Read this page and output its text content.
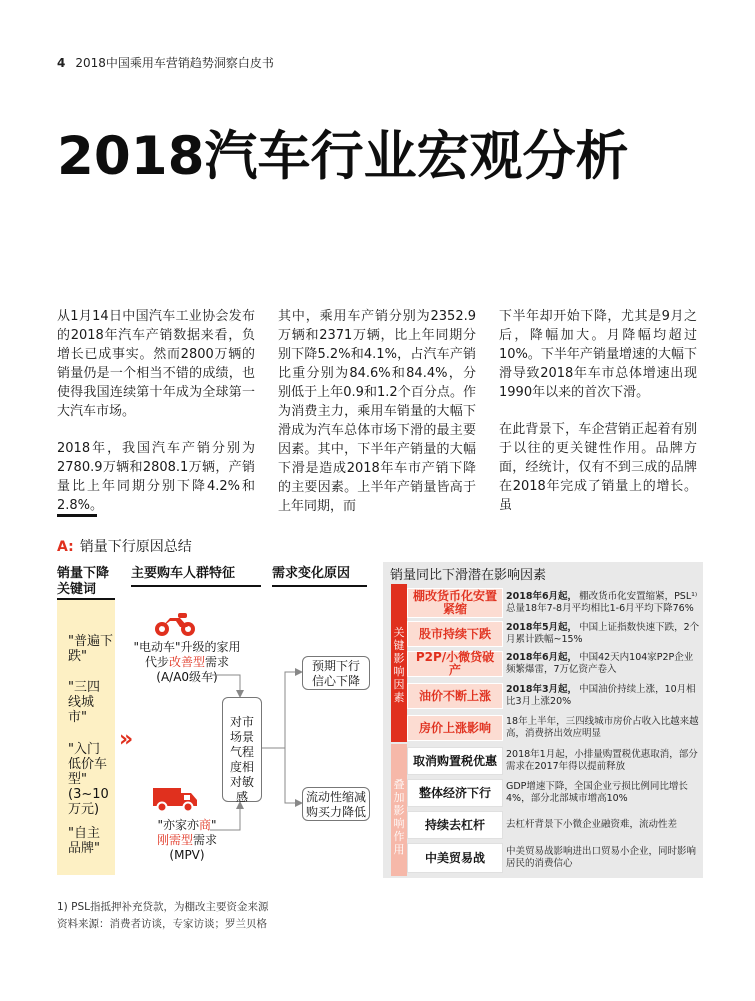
4 2018中国乘用车营销趋势洞察白皮书
2018汽车行业宏观分析

从1月14日中国汽车工业协会发布的2018年汽车产销数据来看，负增长已成事实。然而2800万辆的销量仍是一个相当不错的成绩，也使得我国连续第十年成为全球第一大汽车市场。

2018年，我国汽车产销分别为2780.9万辆和2808.1万辆，产销量比上年同期分别下降4.2%和2.8%。

其中，乘用车产销分别为2352.9万辆和2371万辆，比上年同期分别下降5.2%和4.1%，占汽车产销比重分别为84.6%和84.4%，分别低于上年0.9和1.2个百分点。作为消费主力，乘用车销量的大幅下滑成为汽车总体市场下滑的最主要因素。其中，下半年产销量的大幅下滑是造成2018年车市产销下降的主要因素。上半年产销量皆高于上年同期，而

下半年却开始下降，尤其是9月之后，降幅加大。月降幅均超过10%。下半年产销量增速的大幅下滑导致2018年车市总体增速出现1990年以来的首次下滑。

在此背景下，车企营销正起着有别于以往的更关键性作用。品牌方面，经统计，仅有不到三成的品牌在2018年完成了销量上的增长。虽

A: 销量下行原因总结
销量下降关键词
主要购车人群特征	需求变化原因
"普遍下跌"
"三四线城市"
"入门低价车型"(3~10万元)
"自主品牌"
»
"电动车"升级的家用代步改善型需求
(A/A0级车)
"亦家亦商"
刚需型需求
(MPV)
对市场景气程度相对敏感
预期下行信心下降
流动性缩减购买力降低
销量同比下滑潜在影响因素
关键影响因素
叠加影响作用
棚改货币化安置紧缩
2018年6月起， 棚改货币化安置缩紧，PSL¹⁾总量18年7-8月平均相比1-6月平均下降76%
股市持续下跌	2018年5月起， 中国上证指数快速下跌，2个月累计跌幅~15%
P2P/小微贷破产
2018年6月起， 中国42天内104家P2P企业频繁爆雷，7万亿资产卷入
油价不断上涨	2018年3月起， 中国油价持续上涨，10月相比3月上涨20%
房价上涨影响	18年上半年，三四线城市房价占收入比越来越高，消费挤出效应明显
取消购置税优惠 2018年1月起，小排量购置税优惠取消，部分需求在2017年得以提前释放
整体经济下行	GDP增速下降，全国企业亏损比例同比增长4%，部分北部城市增高10%
持续去杠杆	去杠杆背景下小微企业融资难，流动性差
中美贸易战	中美贸易战影响进出口贸易小企业，同时影响居民的消费信心
1) PSL指抵押补充贷款，为棚改主要资金来源
资料来源：消费者访谈，专家访谈；罗兰贝格
